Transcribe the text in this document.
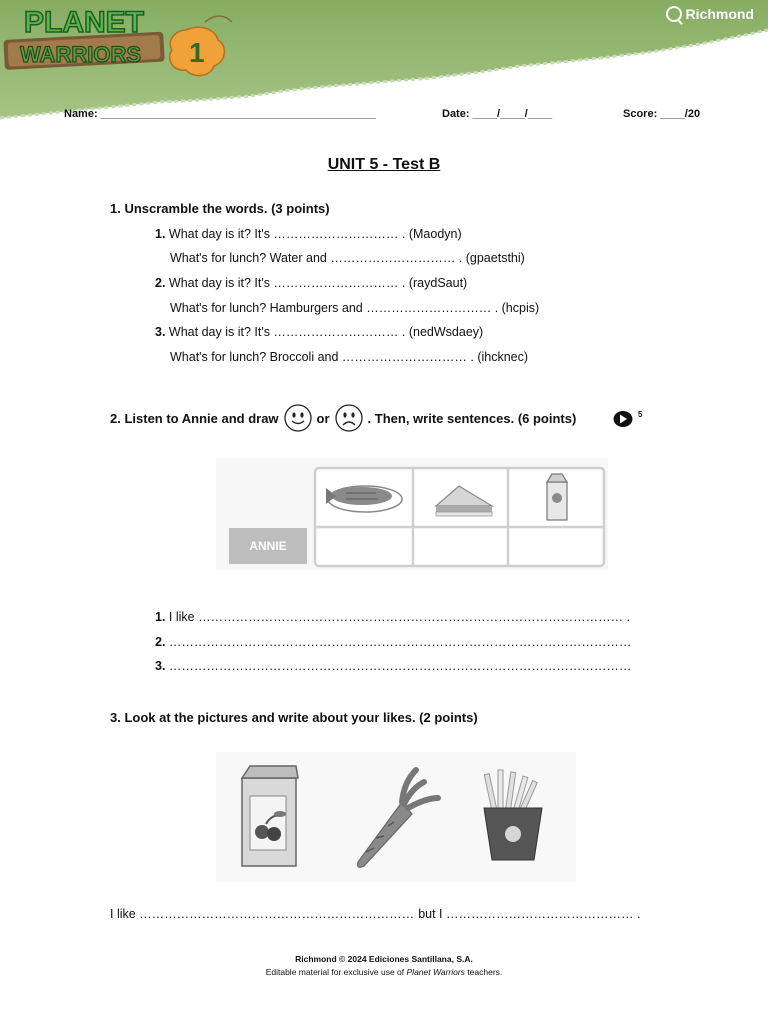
Richmond
PLANET
WARRIORS 1
Name: _____________________________________________	Date: ____/____/____	Score: ____/20
UNIT 5 - Test B
1. Unscramble the words. (3 points)
1. What day is it? It's ………………………… . (Maodyn)
What's for lunch? Water and ………………………… . (gpaetsthi)
2. What day is it? It's ………………………… . (raydSaut)
What's for lunch? Hamburgers and ………………………… . (hcpis)
3. What day is it? It's ………………………… . (nedWsdaey)
What's for lunch? Broccoli and ………………………… . (ihcknec)
2. Listen to Annie and draw	or	. Then, write sentences. (6 points)	5
ANNIE
1. I like ………………………………………………………………………………………… .
2. …………………………………………………………………………………………………
3. …………………………………………………………………………………………………
3. Look at the pictures and write about your likes. (2 points)
I like ………………………………………………………… but I ……………………………………… .
Richmond © 2024 Ediciones Santillana, S.A.
Editable material for exclusive use of Planet Warriors teachers.
